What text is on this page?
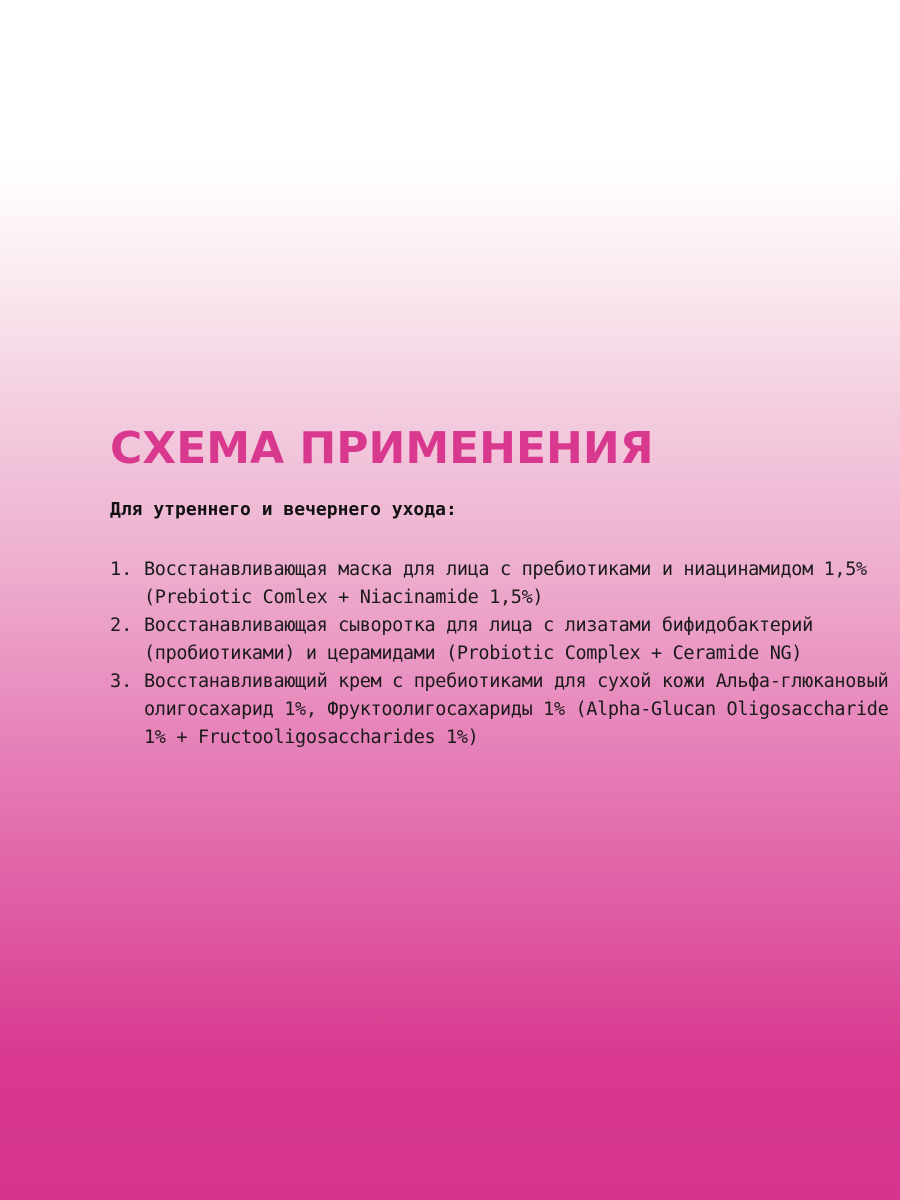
СХЕМА ПРИМЕНЕНИЯ

Для утреннего и вечернего ухода:

1. Восстанавливающая маска для лица с пребиотиками и ниацинамидом 1,5% (Prebiotic Comlex + Niacinamide 1,5%)
2. Восстанавливающая сыворотка для лица с лизатами бифидобактерий (пробиотиками) и церамидами (Probiotic Complex + Ceramide NG)
3. Восстанавливающий крем с пребиотиками для сухой кожи Альфа-глюкановый олигосахарид 1%, Фруктоолигосахариды 1% (Alpha-Glucan Oligosaccharide 1% + Fructooligosaccharides 1%)
